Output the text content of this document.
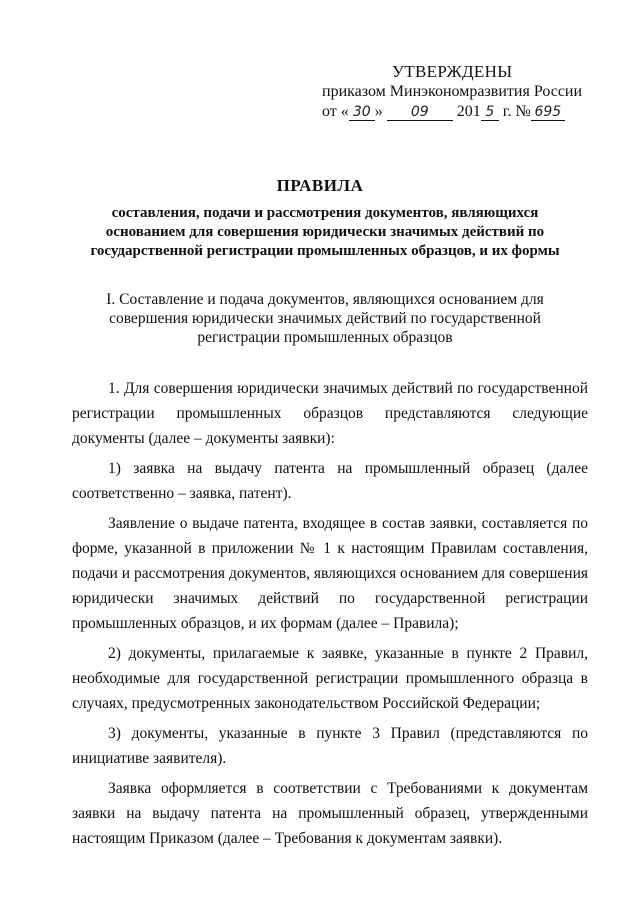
УТВЕРЖДЕНЫ
приказом Минэкономразвития России
от « 30 » 09 201 5 г. № 695
ПРАВИЛА
составления, подачи и рассмотрения документов, являющихся основанием для совершения юридически значимых действий по государственной регистрации промышленных образцов, и их формы
I. Составление и подача документов, являющихся основанием для совершения юридически значимых действий по государственной регистрации промышленных образцов

1. Для совершения юридически значимых действий по государственной регистрации промышленных образцов представляются следующие документы (далее – документы заявки):

1) заявка на выдачу патента на промышленный образец (далее соответственно – заявка, патент).

Заявление о выдаче патента, входящее в состав заявки, составляется по форме, указанной в приложении № 1 к настоящим Правилам составления, подачи и рассмотрения документов, являющихся основанием для совершения юридически значимых действий по государственной регистрации промышленных образцов, и их формам (далее – Правила);

2) документы, прилагаемые к заявке, указанные в пункте 2 Правил, необходимые для государственной регистрации промышленного образца в случаях, предусмотренных законодательством Российской Федерации;

3) документы, указанные в пункте 3 Правил (представляются по инициативе заявителя).

Заявка оформляется в соответствии с Требованиями к документам заявки на выдачу патента на промышленный образец, утвержденными настоящим Приказом (далее – Требования к документам заявки).
